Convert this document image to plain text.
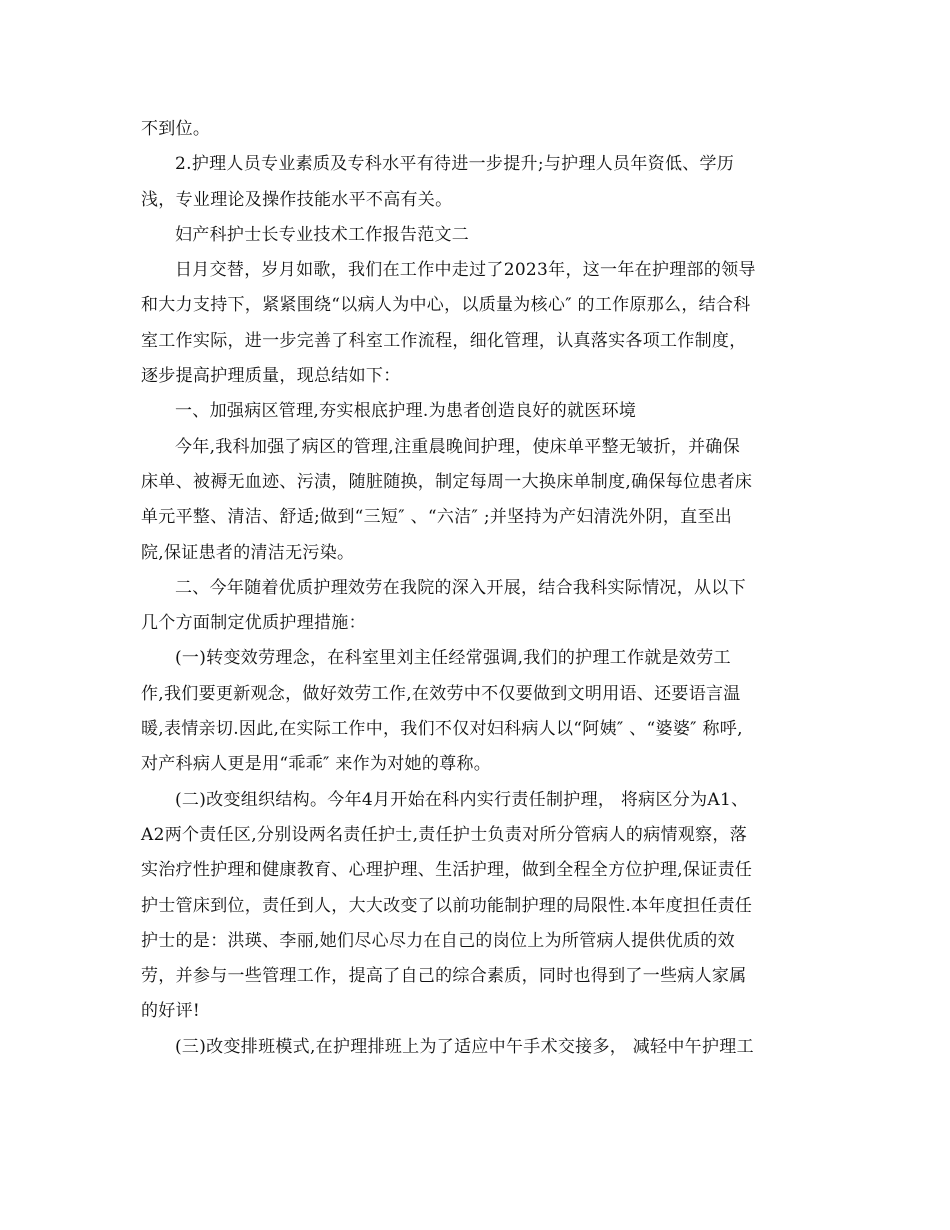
不到位。
2.护理人员专业素质及专科水平有待进一步提升;与护理人员年资低、学历
浅，专业理论及操作技能水平不高有关。
妇产科护士长专业技术工作报告范文二
日月交替，岁月如歌，我们在工作中走过了2023年，这一年在护理部的领导
和大力支持下，紧紧围绕“以病人为中心，以质量为核心″ 的工作原那么，结合科
室工作实际，进一步完善了科室工作流程，细化管理，认真落实各项工作制度，
逐步提高护理质量，现总结如下：
一、加强病区管理,夯实根底护理.为患者创造良好的就医环境
今年,我科加强了病区的管理,注重晨晚间护理，使床单平整无皱折，并确保
床单、被褥无血迹、污渍，随脏随换，制定每周一大换床单制度,确保每位患者床
单元平整、清洁、舒适;做到“三短″ 、“六洁″ ;并坚持为产妇清洗外阴，直至出
院,保证患者的清洁无污染。
二、今年随着优质护理效劳在我院的深入开展，结合我科实际情况，从以下
几个方面制定优质护理措施：
(一)转变效劳理念，在科室里刘主任经常强调,我们的护理工作就是效劳工
作,我们要更新观念，做好效劳工作,在效劳中不仅要做到文明用语、还要语言温
暖,表情亲切.因此,在实际工作中，我们不仅对妇科病人以“阿姨″ 、“婆婆″ 称呼,
对产科病人更是用“乖乖″ 来作为对她的尊称。
(二)改变组织结构。今年4月开始在科内实行责任制护理， 将病区分为A1、
A2两个责任区,分别设两名责任护士,责任护士负责对所分管病人的病情观察，落
实治疗性护理和健康教育、心理护理、生活护理，做到全程全方位护理,保证责任
护士管床到位，责任到人，大大改变了以前功能制护理的局限性.本年度担任责任
护士的是：洪瑛、李丽,她们尽心尽力在自己的岗位上为所管病人提供优质的效
劳，并参与一些管理工作，提高了自己的综合素质，同时也得到了一些病人家属
的好评!
(三)改变排班模式,在护理排班上为了适应中午手术交接多， 减轻中午护理工
